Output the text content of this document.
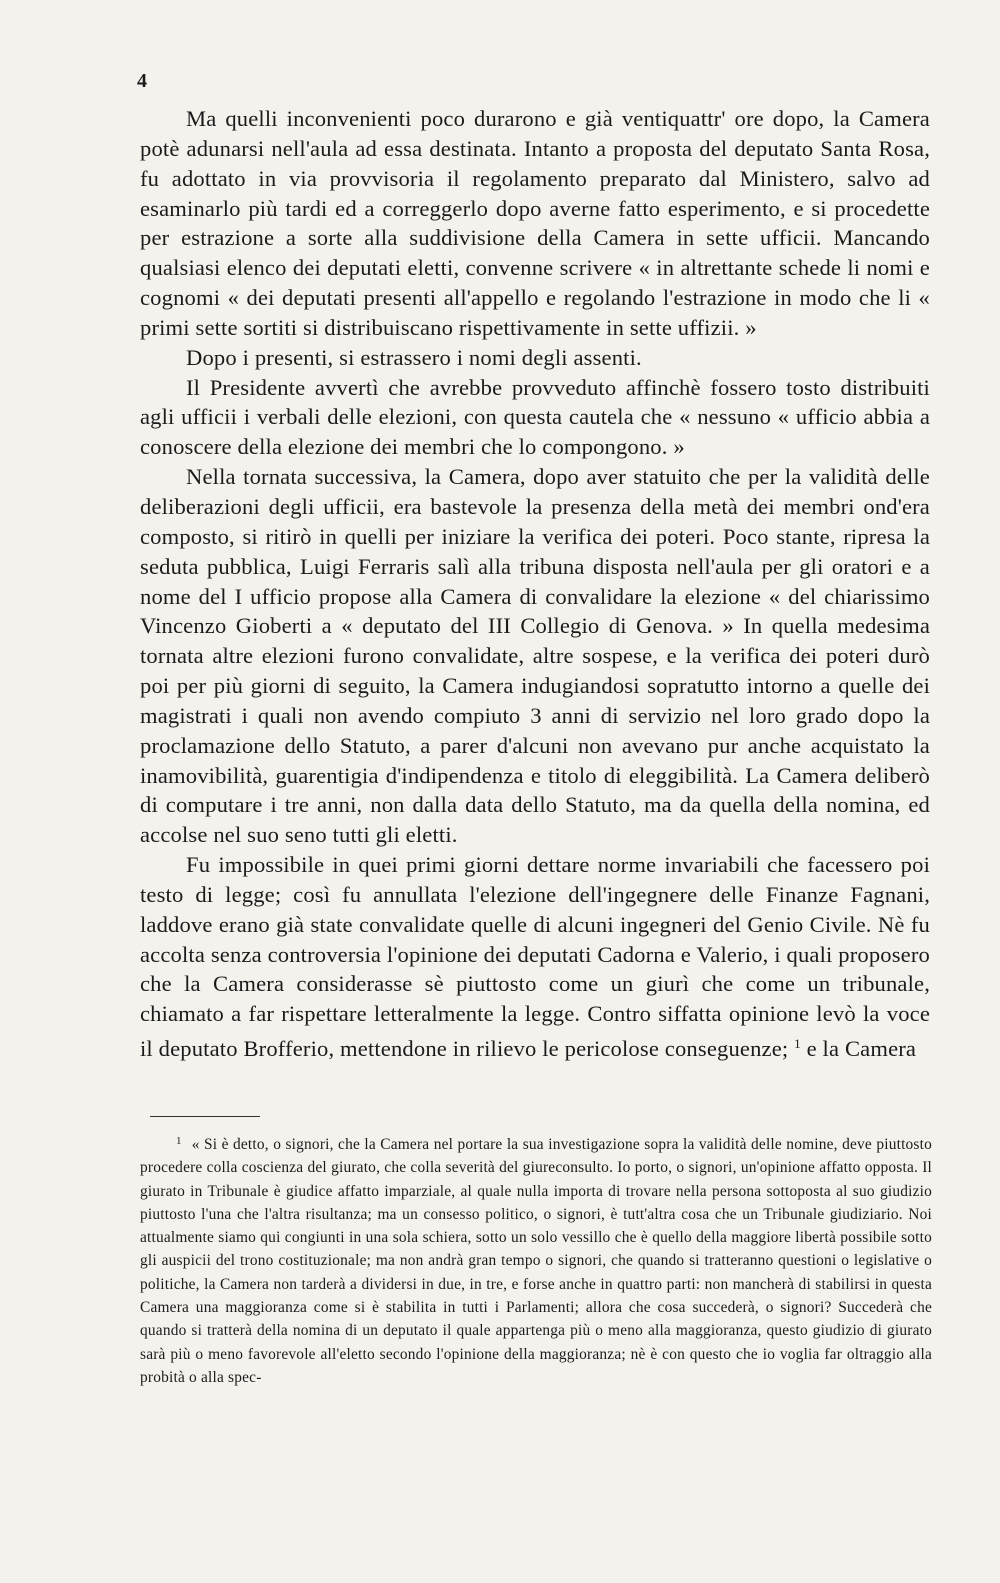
4

Ma quelli inconvenienti poco durarono e già ventiquattr' ore dopo, la Camera potè adunarsi nell'aula ad essa destinata. Intanto a proposta del deputato Santa Rosa, fu adottato in via provvisoria il regolamento preparato dal Ministero, salvo ad esaminarlo più tardi ed a correggerlo dopo averne fatto esperimento, e si procedette per estrazione a sorte alla suddivisione della Camera in sette ufficii. Mancando qualsiasi elenco dei deputati eletti, convenne scrivere « in altrettante schede li nomi e cognomi « dei deputati presenti all'appello e regolando l'estrazione in modo che li « primi sette sortiti si distribuiscano rispettivamente in sette uffizii. »

Dopo i presenti, si estrassero i nomi degli assenti.

Il Presidente avvertì che avrebbe provveduto affinchè fossero tosto distribuiti agli ufficii i verbali delle elezioni, con questa cautela che « nessuno « ufficio abbia a conoscere della elezione dei membri che lo compongono. »

Nella tornata successiva, la Camera, dopo aver statuito che per la validità delle deliberazioni degli ufficii, era bastevole la presenza della metà dei membri ond'era composto, si ritirò in quelli per iniziare la verifica dei poteri. Poco stante, ripresa la seduta pubblica, Luigi Ferraris salì alla tribuna disposta nell'aula per gli oratori e a nome del I ufficio propose alla Camera di convalidare la elezione « del chiarissimo Vincenzo Gioberti a « deputato del III Collegio di Genova. » In quella medesima tornata altre elezioni furono convalidate, altre sospese, e la verifica dei poteri durò poi per più giorni di seguito, la Camera indugiandosi sopratutto intorno a quelle dei magistrati i quali non avendo compiuto 3 anni di servizio nel loro grado dopo la proclamazione dello Statuto, a parer d'alcuni non avevano pur anche acquistato la inamovibilità, guarentigia d'indipendenza e titolo di eleggibilità. La Camera deliberò di computare i tre anni, non dalla data dello Statuto, ma da quella della nomina, ed accolse nel suo seno tutti gli eletti.

Fu impossibile in quei primi giorni dettare norme invariabili che facessero poi testo di legge; così fu annullata l'elezione dell'ingegnere delle Finanze Fagnani, laddove erano già state convalidate quelle di alcuni ingegneri del Genio Civile. Nè fu accolta senza controversia l'opinione dei deputati Cadorna e Valerio, i quali proposero che la Camera considerasse sè piuttosto come un giurì che come un tribunale, chiamato a far rispettare letteralmente la legge. Contro siffatta opinione levò la voce il deputato Brofferio, mettendone in rilievo le pericolose conseguenze; $^1$ e la Camera

$^1$ « Si è detto, o signori, che la Camera nel portare la sua investigazione sopra la validità delle nomine, deve piuttosto procedere colla coscienza del giurato, che colla severità del giureconsulto. Io porto, o signori, un'opinione affatto opposta. Il giurato in Tribunale è giudice affatto imparziale, al quale nulla importa di trovare nella persona sottoposta al suo giudizio piuttosto l'una che l'altra risultanza; ma un consesso politico, o signori, è tutt'altra cosa che un Tribunale giudiziario. Noi attualmente siamo qui congiunti in una sola schiera, sotto un solo vessillo che è quello della maggiore libertà possibile sotto gli auspicii del trono costituzionale; ma non andrà gran tempo o signori, che quando si tratteranno questioni o legislative o politiche, la Camera non tarderà a dividersi in due, in tre, e forse anche in quattro parti: non mancherà di stabilirsi in questa Camera una maggioranza come si è stabilita in tutti i Parlamenti; allora che cosa succederà, o signori? Succederà che quando si tratterà della nomina di un deputato il quale appartenga più o meno alla maggioranza, questo giudizio di giurato sarà più o meno favorevole all'eletto secondo l'opinione della maggioranza; nè è con questo che io voglia far oltraggio alla probità o alla spec-
